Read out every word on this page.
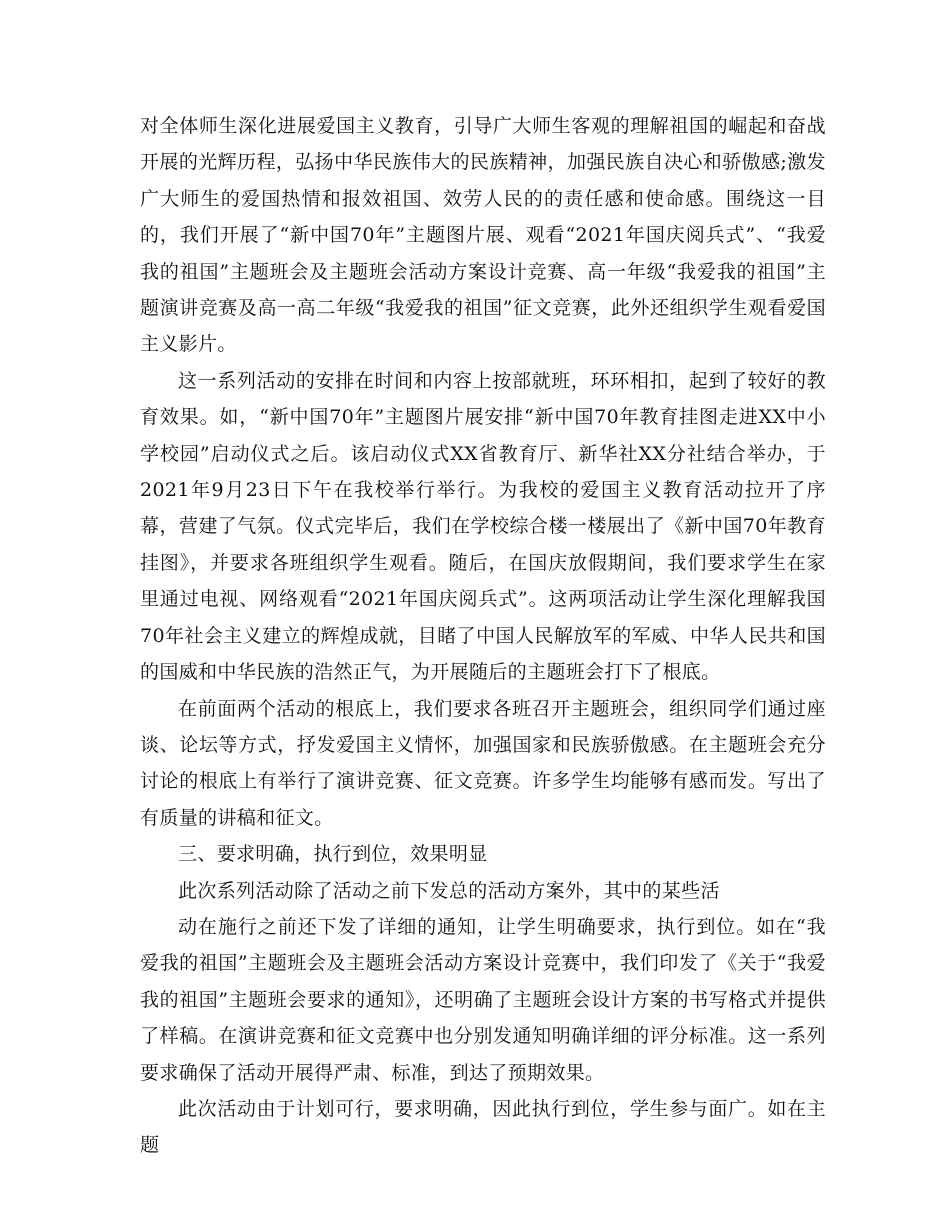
对全体师生深化进展爱国主义教育，引导广大师生客观的理解祖国的崛起和奋战开展的光辉历程，弘扬中华民族伟大的民族精神，加强民族自决心和骄傲感;激发广大师生的爱国热情和报效祖国、效劳人民的的责任感和使命感。围绕这一目的，我们开展了“新中国70年”主题图片展、观看“2021年国庆阅兵式”、“我爱我的祖国”主题班会及主题班会活动方案设计竞赛、高一年级“我爱我的祖国”主题演讲竞赛及高一高二年级“我爱我的祖国”征文竞赛，此外还组织学生观看爱国主义影片。

这一系列活动的安排在时间和内容上按部就班，环环相扣，起到了较好的教育效果。如，“新中国70年”主题图片展安排“新中国70年教育挂图走进XX中小学校园”启动仪式之后。该启动仪式XX省教育厅、新华社XX分社结合举办，于2021年9月23日下午在我校举行举行。为我校的爱国主义教育活动拉开了序幕，营建了气氛。仪式完毕后，我们在学校综合楼一楼展出了《新中国70年教育挂图》，并要求各班组织学生观看。随后，在国庆放假期间，我们要求学生在家里通过电视、网络观看“2021年国庆阅兵式”。这两项活动让学生深化理解我国70年社会主义建立的辉煌成就，目睹了中国人民解放军的军威、中华人民共和国的国威和中华民族的浩然正气，为开展随后的主题班会打下了根底。

在前面两个活动的根底上，我们要求各班召开主题班会，组织同学们通过座谈、论坛等方式，抒发爱国主义情怀，加强国家和民族骄傲感。在主题班会充分讨论的根底上有举行了演讲竞赛、征文竞赛。许多学生均能够有感而发。写出了有质量的讲稿和征文。

三、要求明确，执行到位，效果明显

此次系列活动除了活动之前下发总的活动方案外，其中的某些活

动在施行之前还下发了详细的通知，让学生明确要求，执行到位。如在“我爱我的祖国”主题班会及主题班会活动方案设计竞赛中，我们印发了《关于“我爱我的祖国”主题班会要求的通知》，还明确了主题班会设计方案的书写格式并提供了样稿。在演讲竞赛和征文竞赛中也分别发通知明确详细的评分标准。这一系列要求确保了活动开展得严肃、标准，到达了预期效果。

此次活动由于计划可行，要求明确，因此执行到位，学生参与面广。如在主题
